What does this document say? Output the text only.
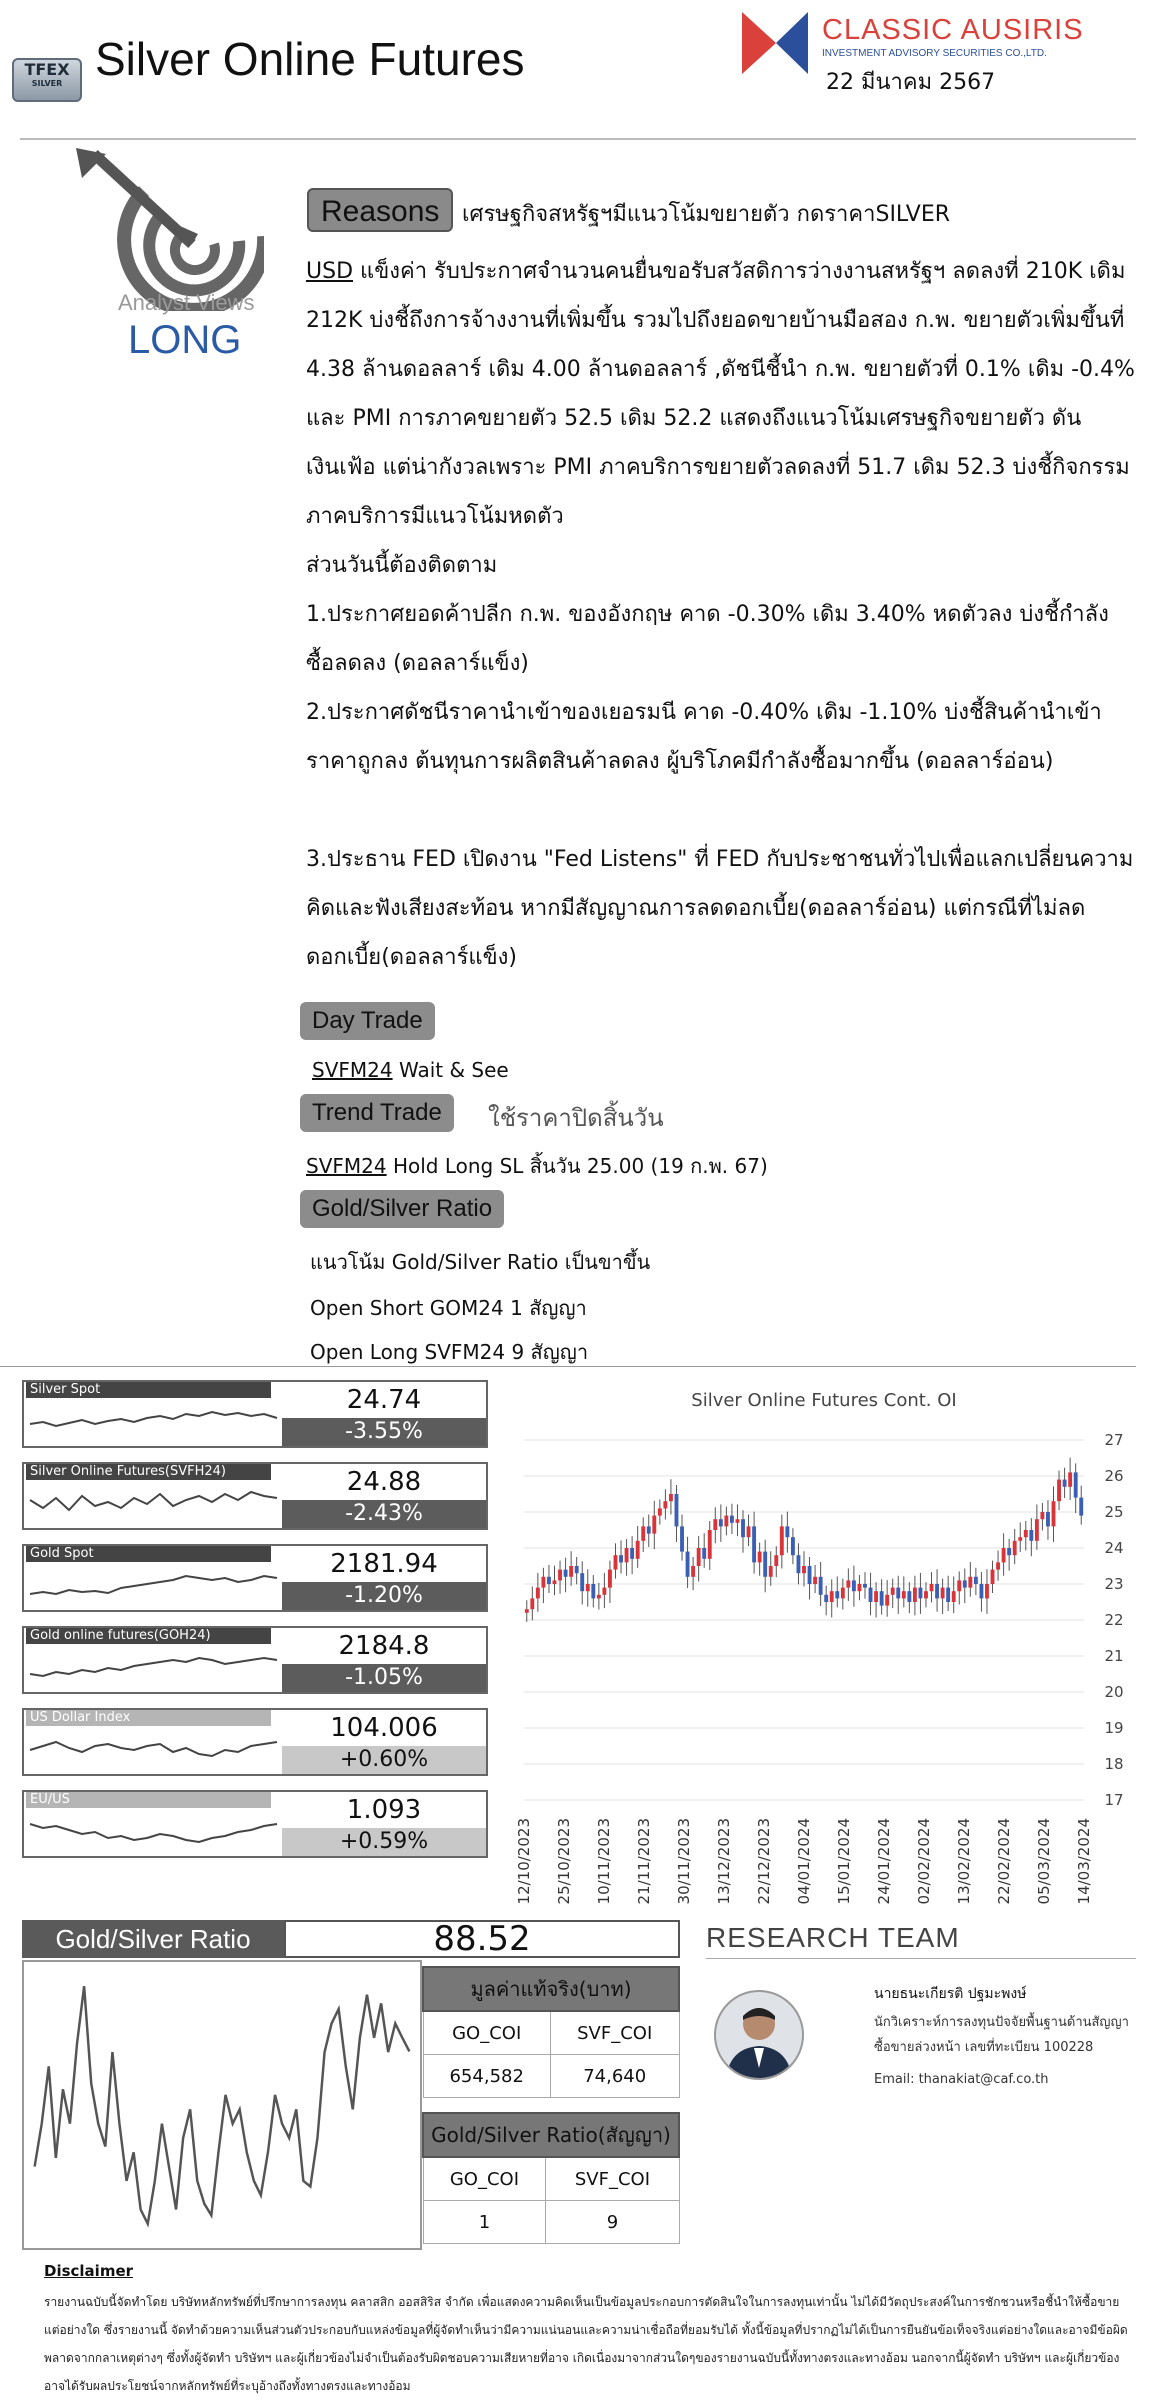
TFEX
SILVER Silver Online Futures
CLASSIC AUSIRIS
INVESTMENT ADVISORY SECURITIES CO.,LTD.
22 มีนาคม 2567
Analyst Views
LONG
Reasons	เศรษฐกิจสหรัฐฯมีแนวโน้มขยายตัว กดราคาSILVER
USD แข็งค่า รับประกาศจำนวนคนยื่นขอรับสวัสดิการว่างงานสหรัฐฯ ลดลงที่ 210K เดิม 212K บ่งชี้ถึงการจ้างงานที่เพิ่มขึ้น รวมไปถึงยอดขายบ้านมือสอง ก.พ. ขยายตัวเพิ่มขึ้นที่ 4.38 ล้านดอลลาร์ เดิม 4.00 ล้านดอลลาร์ ,ดัชนีชี้นำ ก.พ. ขยายตัวที่ 0.1% เดิม -0.4% และ PMI การภาคขยายตัว 52.5 เดิม 52.2 แสดงถึงแนวโน้มเศรษฐกิจขยายตัว ดันเงินเฟ้อ แต่น่ากังวลเพราะ PMI ภาคบริการขยายตัวลดลงที่ 51.7 เดิม 52.3 บ่งชี้กิจกรรมภาคบริการมีแนวโน้มหดตัว
ส่วนวันนี้ต้องติดตาม
1.ประกาศยอดค้าปลีก ก.พ. ของอังกฤษ คาด -0.30% เดิม 3.40% หดตัวลง บ่งชี้กำลังซื้อลดลง (ดอลลาร์แข็ง)
2.ประกาศดัชนีราคานำเข้าของเยอรมนี คาด -0.40% เดิม -1.10% บ่งชี้สินค้านำเข้าราคาถูกลง ต้นทุนการผลิตสินค้าลดลง ผู้บริโภคมีกำลังซื้อมากขึ้น (ดอลลาร์อ่อน)
3.ประธาน FED เปิดงาน "Fed Listens" ที่ FED กับประชาชนทั่วไปเพื่อแลกเปลี่ยนความคิดและฟังเสียงสะท้อน หากมีสัญญาณการลดดอกเบี้ย(ดอลลาร์อ่อน) แต่กรณีที่ไม่ลดดอกเบี้ย(ดอลลาร์แข็ง)
Day Trade
SVFM24 Wait & See
Trend Trade	ใช้ราคาปิดสิ้นวัน
SVFM24 Hold Long SL สิ้นวัน 25.00 (19 ก.พ. 67)
Gold/Silver Ratio
แนวโน้ม Gold/Silver Ratio เป็นขาขึ้น
Open Short GOM24 1 สัญญา
Open Long SVFM24 9 สัญญา
Silver Spot	24.74
-3.55%
Silver Online Futures(SVFH24)	24.88
-2.43%
Gold Spot	2181.94
-1.20%
Gold online futures(GOH24)	2184.8
-1.05%
US Dollar Index	104.006
+0.60%
EU/US	1.093
+0.59%
Silver Online Futures Cont. OI
17
18
19
20
21
22
23
24
25
26
27
12/10/2023 25/10/2023 10/11/2023 21/11/2023 30/11/2023 13/12/2023 22/12/2023 04/01/2024 15/01/2024 24/01/2024 02/02/2024 13/02/2024 22/02/2024 05/03/2024 14/03/2024
Gold/Silver Ratio	88.52	RESEARCH TEAM
มูลค่าแท้จริง(บาท)	
GO_COI	SVF_COI
654,582	74,640
Gold/Silver Ratio(สัญญา)	
GO_COI	SVF_COI
1	9
นายธนะเกียรติ ปฐมะพงษ์
นักวิเคราะห์การลงทุนปัจจัยพื้นฐานด้านสัญญา
ซื้อขายล่วงหน้า เลขที่ทะเบียน 100228
Email: thanakiat@caf.co.th
Disclaimer
รายงานฉบับนี้จัดทำโดย บริษัทหลักทรัพย์ที่ปรึกษาการลงทุน คลาสสิก ออสสิริส จำกัด เพื่อแสดงความคิดเห็นเป็นข้อมูลประกอบการตัดสินใจในการลงทุนเท่านั้น ไม่ได้มีวัตถุประสงค์ในการชักชวนหรือชี้นำให้ซื้อขายแต่อย่างใด ซึ่งรายงานนี้ จัดทำด้วยความเห็นส่วนตัวประกอบกับแหล่งข้อมูลที่ผู้จัดทำเห็นว่ามีความแน่นอนและความน่าเชื่อถือที่ยอมรับได้ ทั้งนี้ข้อมูลที่ปรากฏไม่ได้เป็นการยืนยันข้อเท็จจริงแต่อย่างใดและอาจมีข้อผิดพลาดจากกลาเหตุต่างๆ ซึ่งทั้งผู้จัดทำ บริษัทฯ และผู้เกี่ยวข้องไม่จำเป็นต้องรับผิดชอบความเสียหายที่อาจ เกิดเนื่องมาจากส่วนใดๆของรายงานฉบับนี้ทั้งทางตรงและทางอ้อม นอกจากนี้ผู้จัดทำ บริษัทฯ และผู้เกี่ยวข้อง อาจได้รับผลประโยชน์จากหลักทรัพย์ที่ระบุอ้างถึงทั้งทางตรงและทางอ้อม
